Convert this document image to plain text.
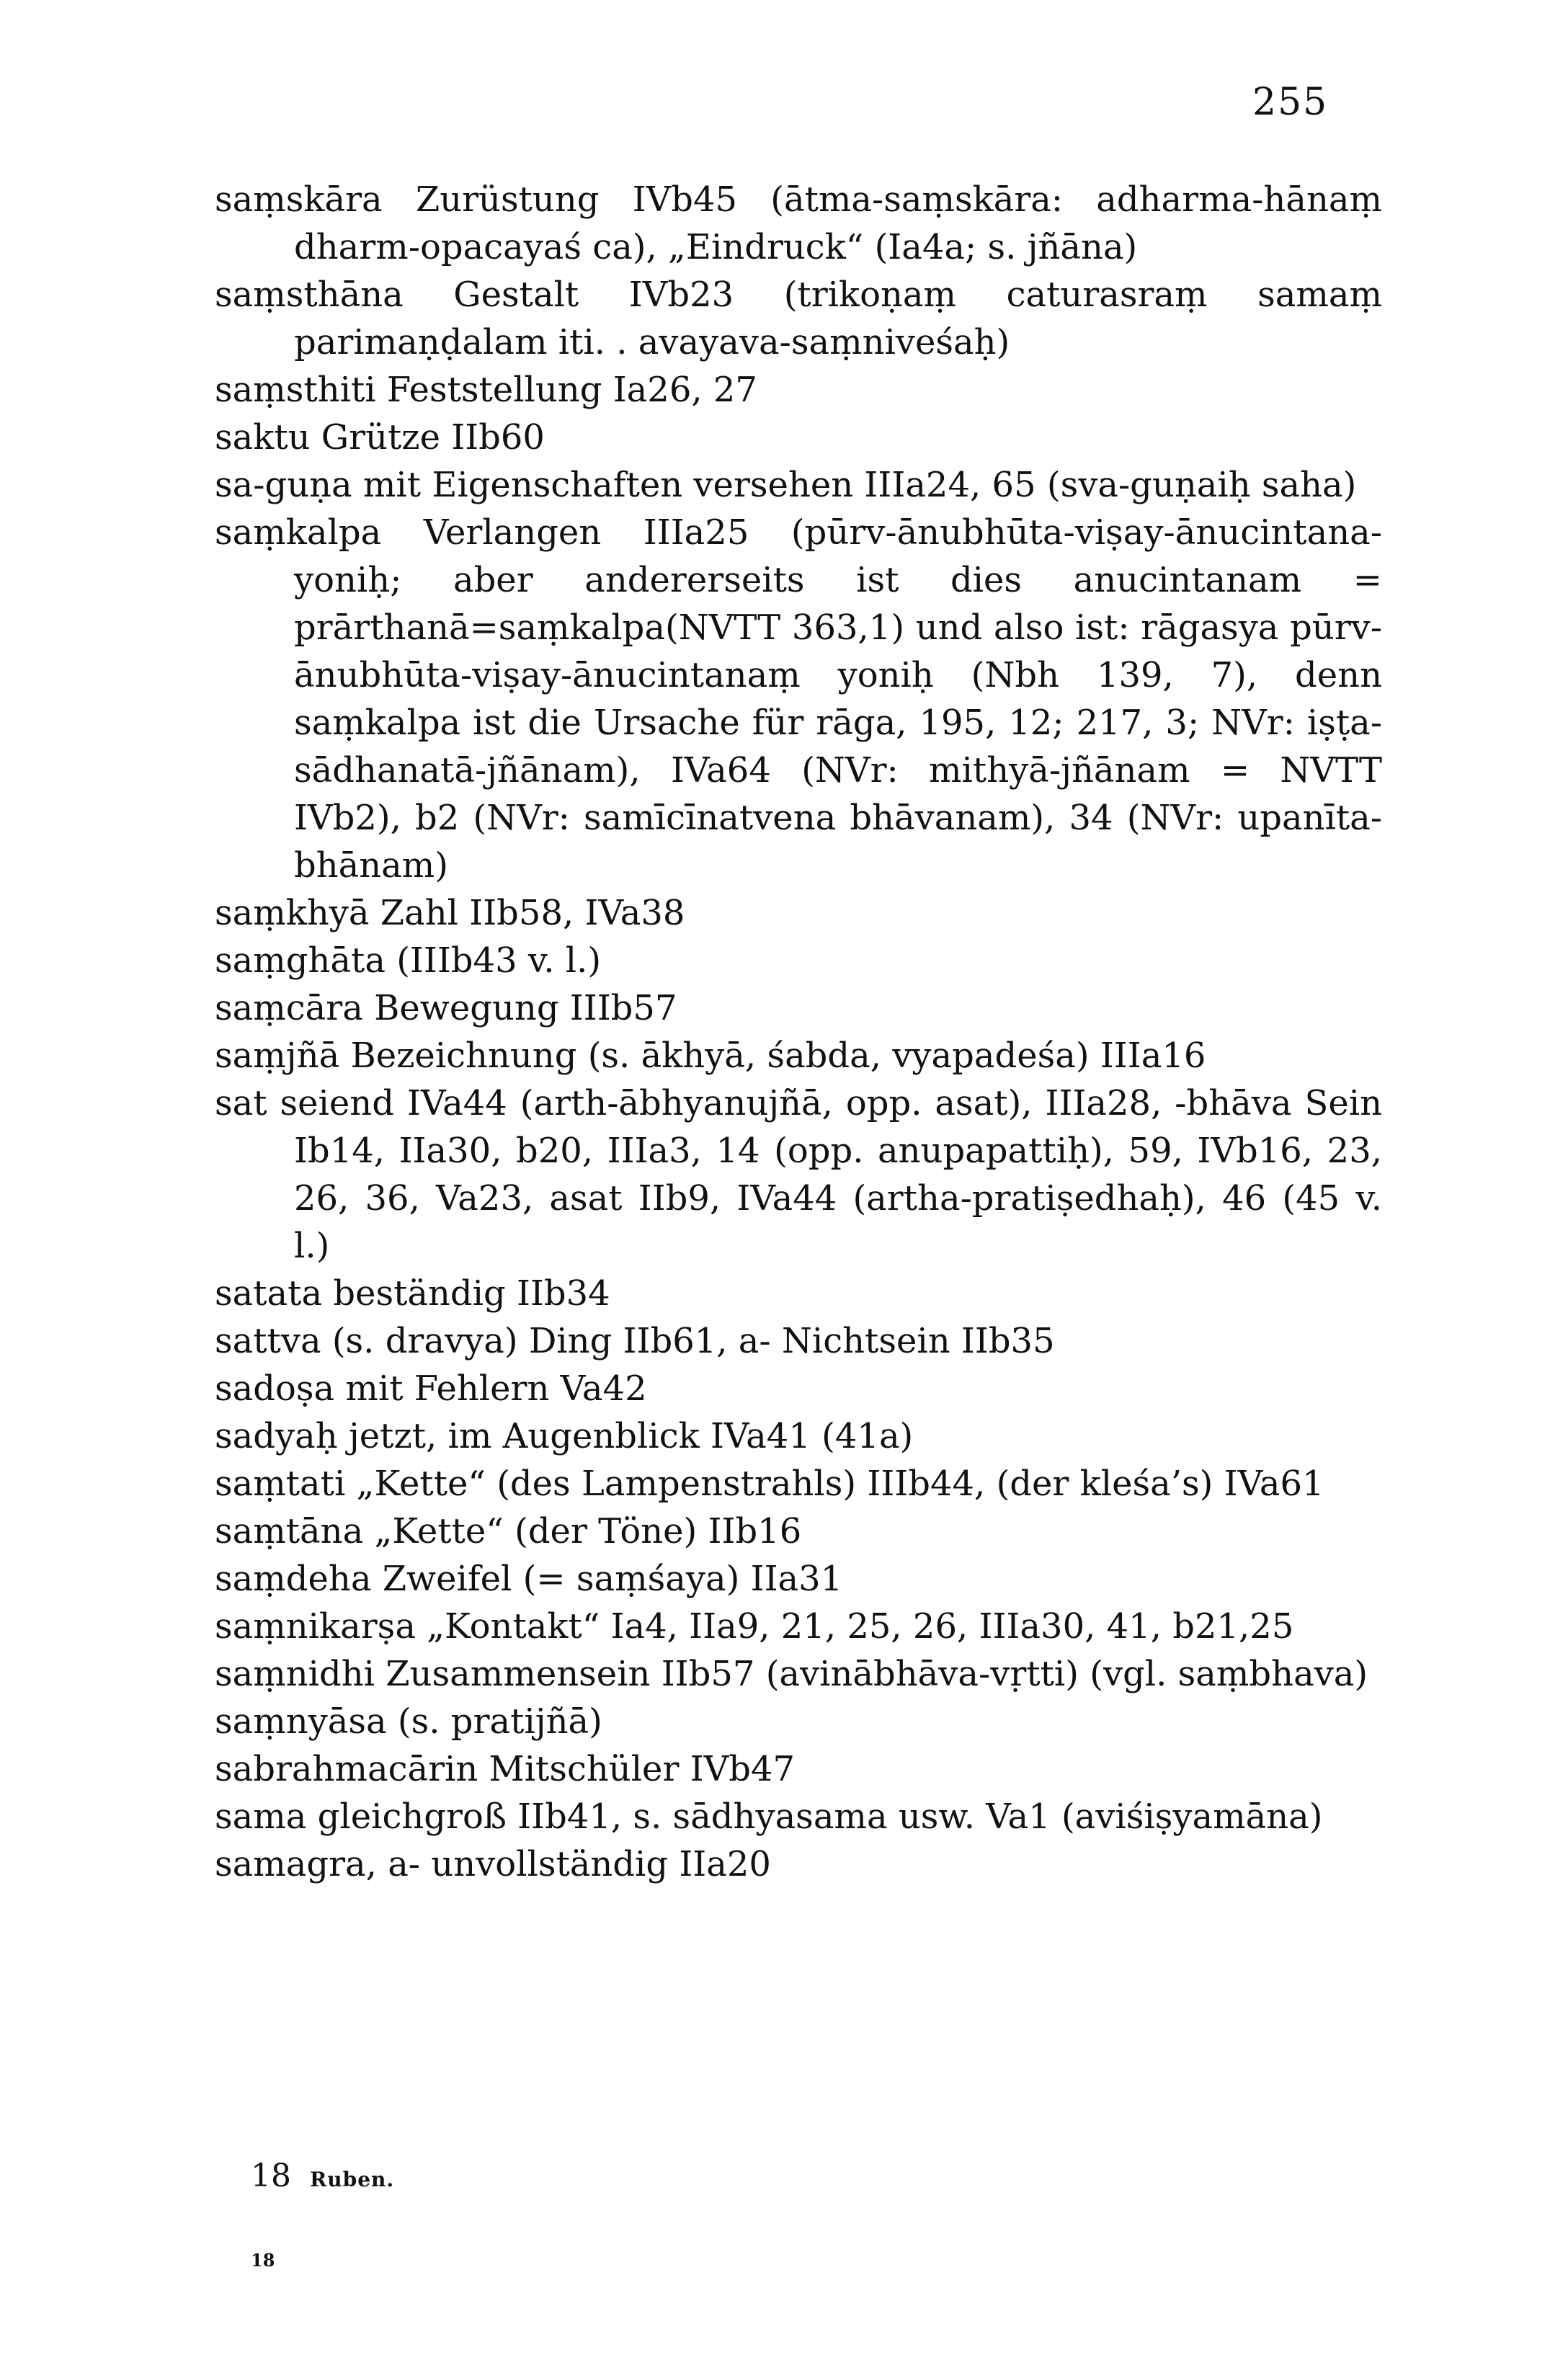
255

saṃskāra Zurüstung IVb45 (ātma-saṃskāra: adharma-hānaṃ dharm-opacayaś ca), „Eindruck“ (Ia4a; s. jñāna)

saṃsthāna Gestalt IVb23 (trikoṇaṃ caturasraṃ samaṃ parimaṇḍalam iti. . avayava-saṃniveśaḥ)

saṃsthiti Feststellung Ia26, 27

saktu Grütze IIb60

sa-guṇa mit Eigenschaften versehen IIIa24, 65 (sva-guṇaiḥ saha)

saṃkalpa Verlangen IIIa25 (pūrv-ānubhūta-viṣay-ānucintana-yoniḥ; aber andererseits ist dies anucintanam = prārthanā=saṃkalpa(NVTT 363,1) und also ist: rāgasya pūrv-ānubhūta-viṣay-ānucintanaṃ yoniḥ (Nbh 139, 7), denn saṃkalpa ist die Ursache für rāga, 195, 12; 217, 3; NVr: iṣṭa-sādhanatā-jñānam), IVa64 (NVr: mithyā-jñānam = NVTT IVb2), b2 (NVr: samīcīnatvena bhāvanam), 34 (NVr: upanīta-bhānam)

saṃkhyā Zahl IIb58, IVa38

saṃghāta (IIIb43 v. l.)

saṃcāra Bewegung IIIb57

saṃjñā Bezeichnung (s. ākhyā, śabda, vyapadeśa) IIIa16

sat seiend IVa44 (arth-ābhyanujñā, opp. asat), IIIa28, -bhāva Sein Ib14, IIa30, b20, IIIa3, 14 (opp. anupapattiḥ), 59, IVb16, 23, 26, 36, Va23, asat IIb9, IVa44 (artha-pratiṣedhaḥ), 46 (45 v. l.)

satata beständig IIb34

sattva (s. dravya) Ding IIb61, a- Nichtsein IIb35

sadoṣa mit Fehlern Va42

sadyaḥ jetzt, im Augenblick IVa41 (41a)

saṃtati „Kette“ (des Lampenstrahls) IIIb44, (der kleśa’s) IVa61

saṃtāna „Kette“ (der Töne) IIb16

saṃdeha Zweifel (= saṃśaya) IIa31

saṃnikarṣa „Kontakt“ Ia4, IIa9, 21, 25, 26, IIIa30, 41, b21,25

saṃnidhi Zusammensein IIb57 (avinābhāva-vṛtti) (vgl. saṃbhava)

saṃnyāsa (s. pratijñā)

sabrahmacārin Mitschüler IVb47

sama gleichgroß IIb41, s. sādhyasama usw. Va1 (aviśiṣyamāna)

samagra, a- unvollständig IIa20

18 Ruben.
18
